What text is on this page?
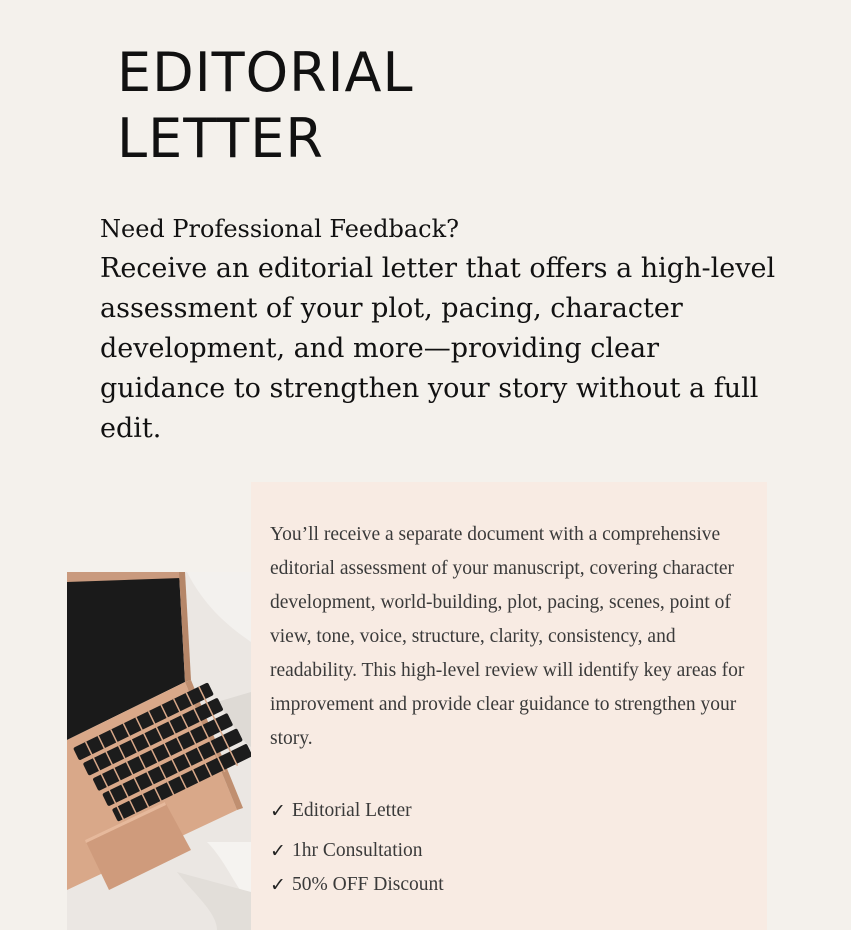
EDITORIAL
LETTER

Need Professional Feedback?
Receive an editorial letter that offers a high-level assessment of your plot, pacing, character development, and more—providing clear guidance to strengthen your story without a full edit.

You’ll receive a separate document with a comprehensive editorial assessment of your manuscript, covering character development, world-building, plot, pacing, scenes, point of view, tone, voice, structure, clarity, consistency, and readability. This high-level review will identify key areas for improvement and provide clear guidance to strengthen your story.

✓ Editorial Letter
✓ 1hr Consultation
✓ 50% OFF Discount
